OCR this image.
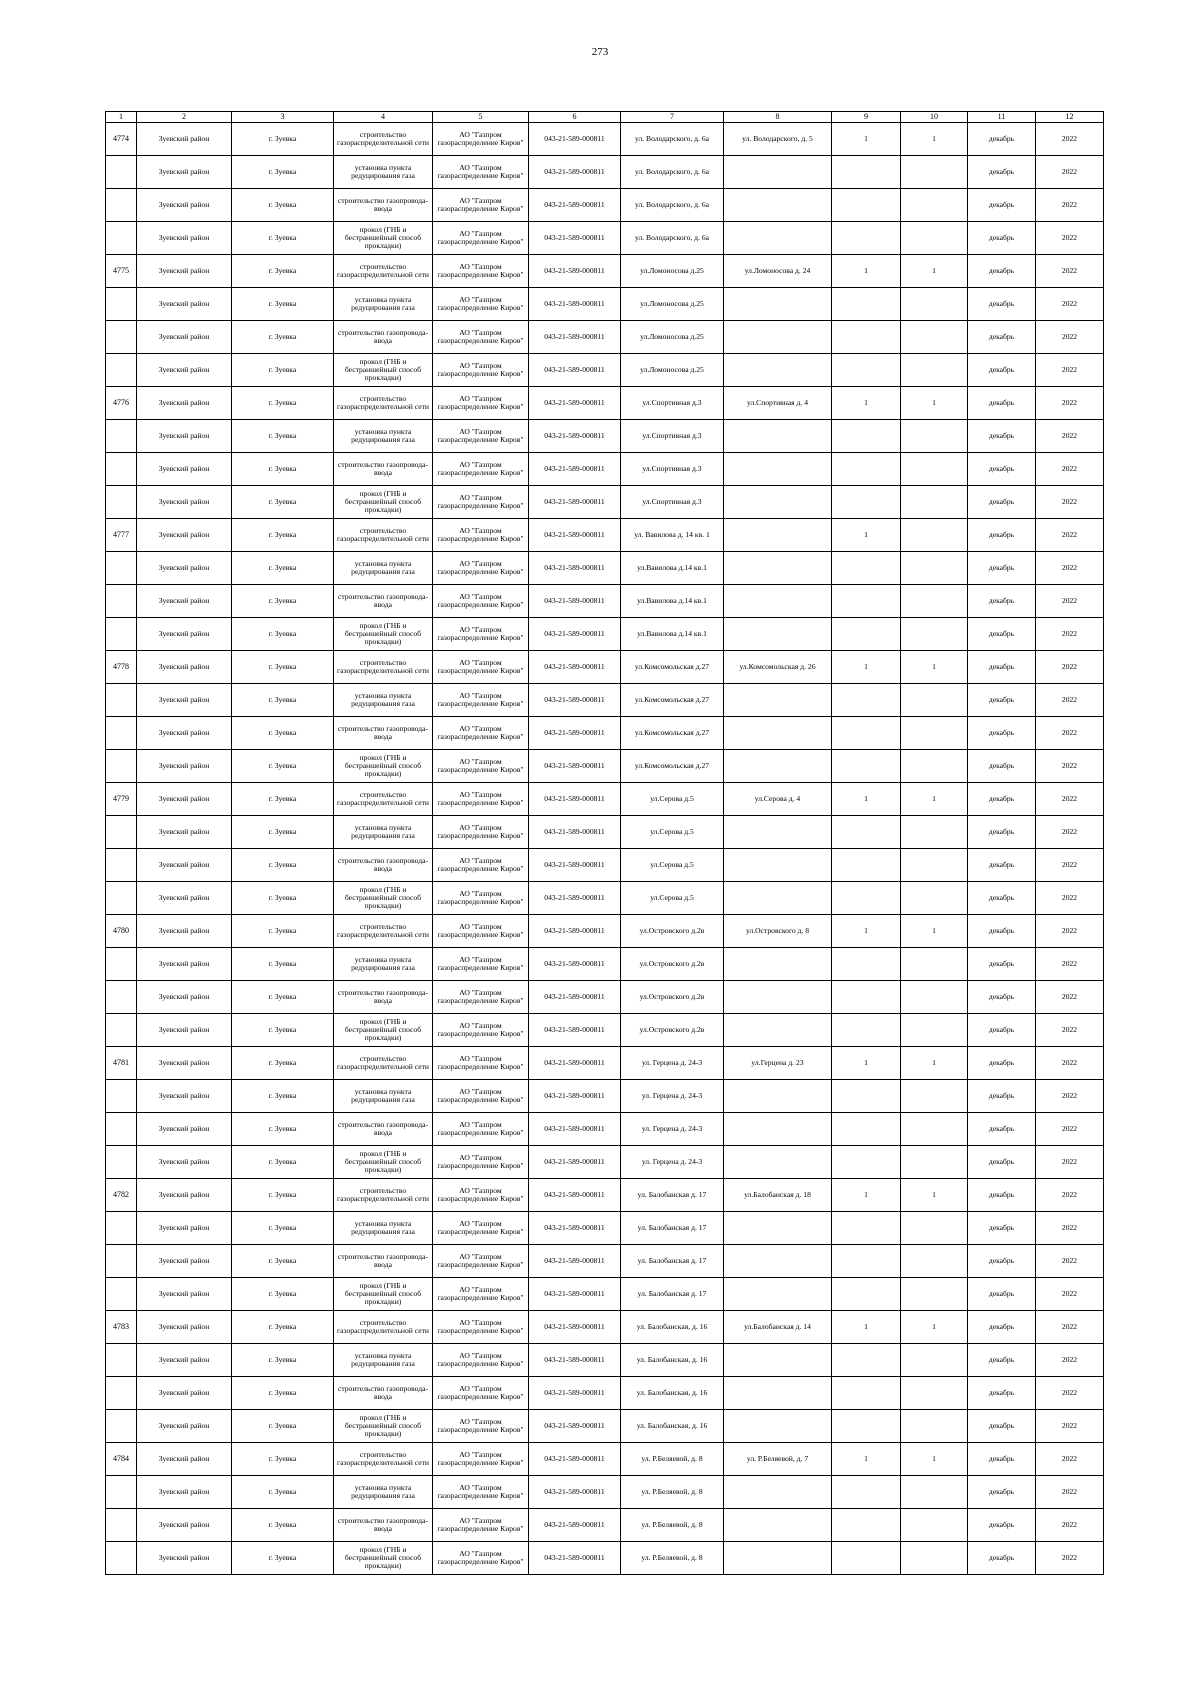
273
1	2	3	4	5	6	7	8	9	10	11	12
4774	Зуевский район	г. Зуевка	строительство газораспределительной сети	АО "Газпром газораспределение Киров"	043-21-589-000811	ул. Володарского, д. 6а	ул. Володарского, д. 5	1	1	декабрь	2022
	Зуевский район	г. Зуевка	установка пункта редуцирования газа	АО "Газпром газораспределение Киров"	043-21-589-000811	ул. Володарского, д. 6а				декабрь	2022
	Зуевский район	г. Зуевка	строительство газопровода-ввода	АО "Газпром газораспределение Киров"	043-21-589-000811	ул. Володарского, д. 6а				декабрь	2022
	Зуевский район	г. Зуевка	прокол (ГНБ и бестраншейный способ прокладки)	АО "Газпром газораспределение Киров"	043-21-589-000811	ул. Володарского, д. 6а				декабрь	2022
4775	Зуевский район	г. Зуевка	строительство газораспределительной сети	АО "Газпром газораспределение Киров"	043-21-589-000811	ул.Ломоносова д.25	ул.Ломоносова д. 24	1	1	декабрь	2022
	Зуевский район	г. Зуевка	установка пункта редуцирования газа	АО "Газпром газораспределение Киров"	043-21-589-000811	ул.Ломоносова д.25				декабрь	2022
	Зуевский район	г. Зуевка	строительство газопровода-ввода	АО "Газпром газораспределение Киров"	043-21-589-000811	ул.Ломоносова д.25				декабрь	2022
	Зуевский район	г. Зуевка	прокол (ГНБ и бестраншейный способ прокладки)	АО "Газпром газораспределение Киров"	043-21-589-000811	ул.Ломоносова д.25				декабрь	2022
4776	Зуевский район	г. Зуевка	строительство газораспределительной сети	АО "Газпром газораспределение Киров"	043-21-589-000811	ул.Спортивная д.3	ул.Спортивная д. 4	1	1	декабрь	2022
	Зуевский район	г. Зуевка	установка пункта редуцирования газа	АО "Газпром газораспределение Киров"	043-21-589-000811	ул.Спортивная д.3				декабрь	2022
	Зуевский район	г. Зуевка	строительство газопровода-ввода	АО "Газпром газораспределение Киров"	043-21-589-000811	ул.Спортивная д.3				декабрь	2022
	Зуевский район	г. Зуевка	прокол (ГНБ и бестраншейный способ прокладки)	АО "Газпром газораспределение Киров"	043-21-589-000811	ул.Спортивная д.3				декабрь	2022
4777	Зуевский район	г. Зуевка	строительство газораспределительной сети	АО "Газпром газораспределение Киров"	043-21-589-000811	ул. Вавилова д. 14 кв. 1		1		декабрь	2022
	Зуевский район	г. Зуевка	установка пункта редуцирования газа	АО "Газпром газораспределение Киров"	043-21-589-000811	ул.Вавилова д.14 кв.1				декабрь	2022
	Зуевский район	г. Зуевка	строительство газопровода-ввода	АО "Газпром газораспределение Киров"	043-21-589-000811	ул.Вавилова д.14 кв.1				декабрь	2022
	Зуевский район	г. Зуевка	прокол (ГНБ и бестраншейный способ прокладки)	АО "Газпром газораспределение Киров"	043-21-589-000811	ул.Вавилова д.14 кв.1				декабрь	2022
4778	Зуевский район	г. Зуевка	строительство газораспределительной сети	АО "Газпром газораспределение Киров"	043-21-589-000811	ул.Комсомольская д.27	ул.Комсомольская д. 26	1	1	декабрь	2022
	Зуевский район	г. Зуевка	установка пункта редуцирования газа	АО "Газпром газораспределение Киров"	043-21-589-000811	ул.Комсомольская д.27				декабрь	2022
	Зуевский район	г. Зуевка	строительство газопровода-ввода	АО "Газпром газораспределение Киров"	043-21-589-000811	ул.Комсомольская д.27				декабрь	2022
	Зуевский район	г. Зуевка	прокол (ГНБ и бестраншейный способ прокладки)	АО "Газпром газораспределение Киров"	043-21-589-000811	ул.Комсомольская д.27				декабрь	2022
4779	Зуевский район	г. Зуевка	строительство газораспределительной сети	АО "Газпром газораспределение Киров"	043-21-589-000811	ул.Серова д.5	ул.Серова д. 4	1	1	декабрь	2022
	Зуевский район	г. Зуевка	установка пункта редуцирования газа	АО "Газпром газораспределение Киров"	043-21-589-000811	ул.Серова д.5				декабрь	2022
	Зуевский район	г. Зуевка	строительство газопровода-ввода	АО "Газпром газораспределение Киров"	043-21-589-000811	ул.Серова д.5				декабрь	2022
	Зуевский район	г. Зуевка	прокол (ГНБ и бестраншейный способ прокладки)	АО "Газпром газораспределение Киров"	043-21-589-000811	ул.Серова д.5				декабрь	2022
4780	Зуевский район	г. Зуевка	строительство газораспределительной сети	АО "Газпром газораспределение Киров"	043-21-589-000811	ул.Островского д.2в	ул.Островского д. 8	1	1	декабрь	2022
	Зуевский район	г. Зуевка	установка пункта редуцирования газа	АО "Газпром газораспределение Киров"	043-21-589-000811	ул.Островского д.2в				декабрь	2022
	Зуевский район	г. Зуевка	строительство газопровода-ввода	АО "Газпром газораспределение Киров"	043-21-589-000811	ул.Островского д.2в				декабрь	2022
	Зуевский район	г. Зуевка	прокол (ГНБ и бестраншейный способ прокладки)	АО "Газпром газораспределение Киров"	043-21-589-000811	ул.Островского д.2в				декабрь	2022
4781	Зуевский район	г. Зуевка	строительство газораспределительной сети	АО "Газпром газораспределение Киров"	043-21-589-000811	ул. Герцена д. 24-3	ул.Герцена д. 23	1	1	декабрь	2022
	Зуевский район	г. Зуевка	установка пункта редуцирования газа	АО "Газпром газораспределение Киров"	043-21-589-000811	ул. Герцена д. 24-3				декабрь	2022
	Зуевский район	г. Зуевка	строительство газопровода-ввода	АО "Газпром газораспределение Киров"	043-21-589-000811	ул. Герцена д. 24-3				декабрь	2022
	Зуевский район	г. Зуевка	прокол (ГНБ и бестраншейный способ прокладки)	АО "Газпром газораспределение Киров"	043-21-589-000811	ул. Герцена д. 24-3				декабрь	2022
4782	Зуевский район	г. Зуевка	строительство газораспределительной сети	АО "Газпром газораспределение Киров"	043-21-589-000811	ул. Балобанская д. 17	ул.Балобанская д. 18	1	1	декабрь	2022
	Зуевский район	г. Зуевка	установка пункта редуцирования газа	АО "Газпром газораспределение Киров"	043-21-589-000811	ул. Балобанская д. 17				декабрь	2022
	Зуевский район	г. Зуевка	строительство газопровода-ввода	АО "Газпром газораспределение Киров"	043-21-589-000811	ул. Балобанская д. 17				декабрь	2022
	Зуевский район	г. Зуевка	прокол (ГНБ и бестраншейный способ прокладки)	АО "Газпром газораспределение Киров"	043-21-589-000811	ул. Балобанская д. 17				декабрь	2022
4783	Зуевский район	г. Зуевка	строительство газораспределительной сети	АО "Газпром газораспределение Киров"	043-21-589-000811	ул. Балобанская, д. 16	ул.Балобанская д. 14	1	1	декабрь	2022
	Зуевский район	г. Зуевка	установка пункта редуцирования газа	АО "Газпром газораспределение Киров"	043-21-589-000811	ул. Балобанская, д. 16				декабрь	2022
	Зуевский район	г. Зуевка	строительство газопровода-ввода	АО "Газпром газораспределение Киров"	043-21-589-000811	ул. Балобанская, д. 16				декабрь	2022
	Зуевский район	г. Зуевка	прокол (ГНБ и бестраншейный способ прокладки)	АО "Газпром газораспределение Киров"	043-21-589-000811	ул. Балобанская, д. 16				декабрь	2022
4784	Зуевский район	г. Зуевка	строительство газораспределительной сети	АО "Газпром газораспределение Киров"	043-21-589-000811	ул. Р.Беляевой, д. 8	ул. Р.Беляевой, д. 7	1	1	декабрь	2022
	Зуевский район	г. Зуевка	установка пункта редуцирования газа	АО "Газпром газораспределение Киров"	043-21-589-000811	ул. Р.Беляевой, д. 8				декабрь	2022
	Зуевский район	г. Зуевка	строительство газопровода-ввода	АО "Газпром газораспределение Киров"	043-21-589-000811	ул. Р.Беляевой, д. 8				декабрь	2022
	Зуевский район	г. Зуевка	прокол (ГНБ и бестраншейный способ прокладки)	АО "Газпром газораспределение Киров"	043-21-589-000811	ул. Р.Беляевой, д. 8				декабрь	2022
